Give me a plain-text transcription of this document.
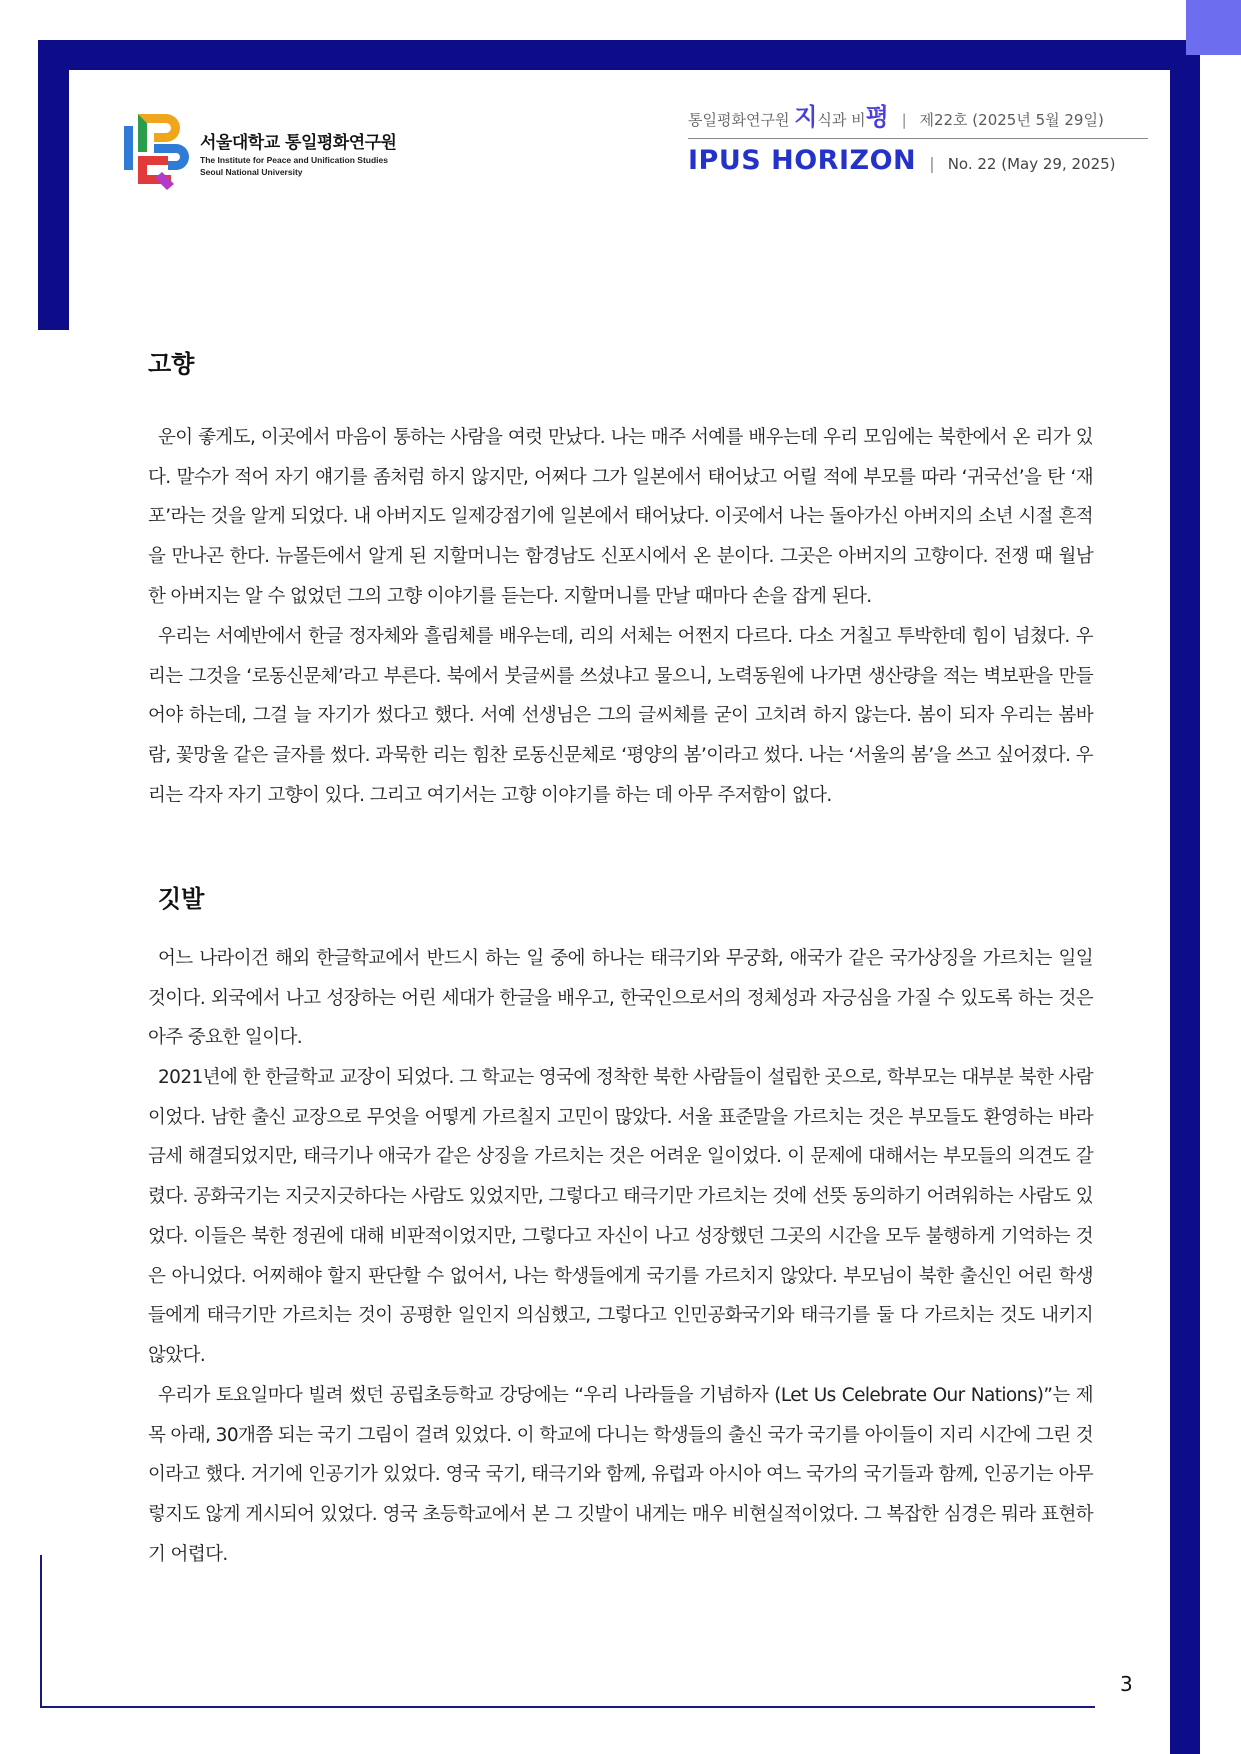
서울대학교 통일평화연구원
The Institute for Peace and Unification Studies
Seoul National University
통일평화연구원 지식과 비평 | 제22호 (2025년 5월 29일)
IPUS HORIZON | No. 22 (May 29, 2025)
고향

운이 좋게도, 이곳에서 마음이 통하는 사람을 여럿 만났다. 나는 매주 서예를 배우는데 우리 모임에는 북한에서 온 리가 있다. 말수가 적어 자기 얘기를 좀처럼 하지 않지만, 어쩌다 그가 일본에서 태어났고 어릴 적에 부모를 따라 ‘귀국선’을 탄 ‘재포’라는 것을 알게 되었다. 내 아버지도 일제강점기에 일본에서 태어났다. 이곳에서 나는 돌아가신 아버지의 소년 시절 흔적을 만나곤 한다. 뉴몰든에서 알게 된 지할머니는 함경남도 신포시에서 온 분이다. 그곳은 아버지의 고향이다. 전쟁 때 월남한 아버지는 알 수 없었던 그의 고향 이야기를 듣는다. 지할머니를 만날 때마다 손을 잡게 된다.

우리는 서예반에서 한글 정자체와 흘림체를 배우는데, 리의 서체는 어쩐지 다르다. 다소 거칠고 투박한데 힘이 넘쳤다. 우리는 그것을 ‘로동신문체’라고 부른다. 북에서 붓글씨를 쓰셨냐고 물으니, 노력동원에 나가면 생산량을 적는 벽보판을 만들어야 하는데, 그걸 늘 자기가 썼다고 했다. 서예 선생님은 그의 글씨체를 굳이 고치려 하지 않는다. 봄이 되자 우리는 봄바람, 꽃망울 같은 글자를 썼다. 과묵한 리는 힘찬 로동신문체로 ‘평양의 봄’이라고 썼다. 나는 ‘서울의 봄’을 쓰고 싶어졌다. 우리는 각자 자기 고향이 있다. 그리고 여기서는 고향 이야기를 하는 데 아무 주저함이 없다.

깃발

어느 나라이건 해외 한글학교에서 반드시 하는 일 중에 하나는 태극기와 무궁화, 애국가 같은 국가상징을 가르치는 일일 것이다. 외국에서 나고 성장하는 어린 세대가 한글을 배우고, 한국인으로서의 정체성과 자긍심을 가질 수 있도록 하는 것은 아주 중요한 일이다.

2021년에 한 한글학교 교장이 되었다. 그 학교는 영국에 정착한 북한 사람들이 설립한 곳으로, 학부모는 대부분 북한 사람이었다. 남한 출신 교장으로 무엇을 어떻게 가르칠지 고민이 많았다. 서울 표준말을 가르치는 것은 부모들도 환영하는 바라 금세 해결되었지만, 태극기나 애국가 같은 상징을 가르치는 것은 어려운 일이었다. 이 문제에 대해서는 부모들의 의견도 갈렸다. 공화국기는 지긋지긋하다는 사람도 있었지만, 그렇다고 태극기만 가르치는 것에 선뜻 동의하기 어려워하는 사람도 있었다. 이들은 북한 정권에 대해 비판적이었지만, 그렇다고 자신이 나고 성장했던 그곳의 시간을 모두 불행하게 기억하는 것은 아니었다. 어찌해야 할지 판단할 수 없어서, 나는 학생들에게 국기를 가르치지 않았다. 부모님이 북한 출신인 어린 학생들에게 태극기만 가르치는 것이 공평한 일인지 의심했고, 그렇다고 인민공화국기와 태극기를 둘 다 가르치는 것도 내키지 않았다.

우리가 토요일마다 빌려 썼던 공립초등학교 강당에는 “우리 나라들을 기념하자 (Let Us Celebrate Our Nations)”는 제목 아래, 30개쯤 되는 국기 그림이 걸려 있었다. 이 학교에 다니는 학생들의 출신 국가 국기를 아이들이 지리 시간에 그린 것이라고 했다. 거기에 인공기가 있었다. 영국 국기, 태극기와 함께, 유럽과 아시아 여느 국가의 국기들과 함께, 인공기는 아무렇지도 않게 게시되어 있었다. 영국 초등학교에서 본 그 깃발이 내게는 매우 비현실적이었다. 그 복잡한 심경은 뭐라 표현하기 어렵다.

3
